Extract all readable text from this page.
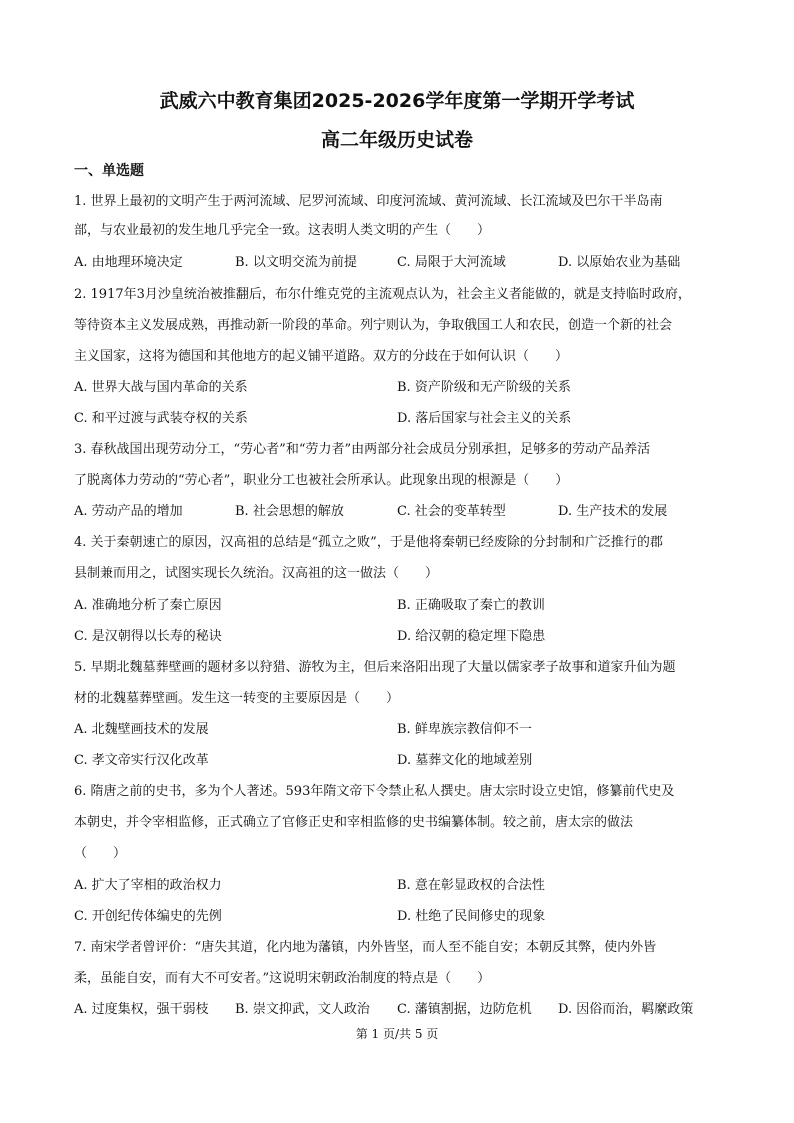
武威六中教育集团2025-2026学年度第一学期开学考试
高二年级历史试卷
一、单选题
1. 世界上最初的文明产生于两河流域、尼罗河流域、印度河流域、黄河流域、长江流域及巴尔干半岛南
部，与农业最初的发生地几乎完全一致。这表明人类文明的产生（　　）
A. 由地理环境决定	B. 以文明交流为前提	C. 局限于大河流域	D. 以原始农业为基础
2. 1917年3月沙皇统治被推翻后，布尔什维克党的主流观点认为，社会主义者能做的，就是支持临时政府，
等待资本主义发展成熟，再推动新一阶段的革命。列宁则认为，争取俄国工人和农民，创造一个新的社会
主义国家，这将为德国和其他地方的起义铺平道路。双方的分歧在于如何认识（　　）
A. 世界大战与国内革命的关系	B. 资产阶级和无产阶级的关系
C. 和平过渡与武装夺权的关系	D. 落后国家与社会主义的关系
3. 春秋战国出现劳动分工，“劳心者”和“劳力者”由两部分社会成员分别承担，足够多的劳动产品养活
了脱离体力劳动的“劳心者”，职业分工也被社会所承认。此现象出现的根源是（　　）
A. 劳动产品的增加	B. 社会思想的解放	C. 社会的变革转型	D. 生产技术的发展
4. 关于秦朝速亡的原因，汉高祖的总结是“孤立之败”，于是他将秦朝已经废除的分封制和广泛推行的郡
县制兼而用之，试图实现长久统治。汉高祖的这一做法（　　）
A. 准确地分析了秦亡原因	B. 正确吸取了秦亡的教训
C. 是汉朝得以长寿的秘诀	D. 给汉朝的稳定埋下隐患
5. 早期北魏墓葬壁画的题材多以狩猎、游牧为主，但后来洛阳出现了大量以儒家孝子故事和道家升仙为题
材的北魏墓葬壁画。发生这一转变的主要原因是（　　）
A. 北魏壁画技术的发展	B. 鲜卑族宗教信仰不一
C. 孝文帝实行汉化改革	D. 墓葬文化的地域差别
6. 隋唐之前的史书，多为个人著述。593年隋文帝下令禁止私人撰史。唐太宗时设立史馆，修纂前代史及
本朝史，并令宰相监修，正式确立了官修正史和宰相监修的史书编纂体制。较之前，唐太宗的做法
（　　）
A. 扩大了宰相的政治权力	B. 意在彰显政权的合法性
C. 开创纪传体编史的先例	D. 杜绝了民间修史的现象
7. 南宋学者曾评价：“唐失其道，化内地为藩镇，内外皆坚，而人至不能自安；本朝反其弊，使内外皆
柔，虽能自安，而有大不可安者。”这说明宋朝政治制度的特点是（　　）
A. 过度集权，强干弱枝 B. 崇文抑武，文人政治 C. 藩镇割据，边防危机 D. 因俗而治，羁縻政策
第 1 页/共 5 页
